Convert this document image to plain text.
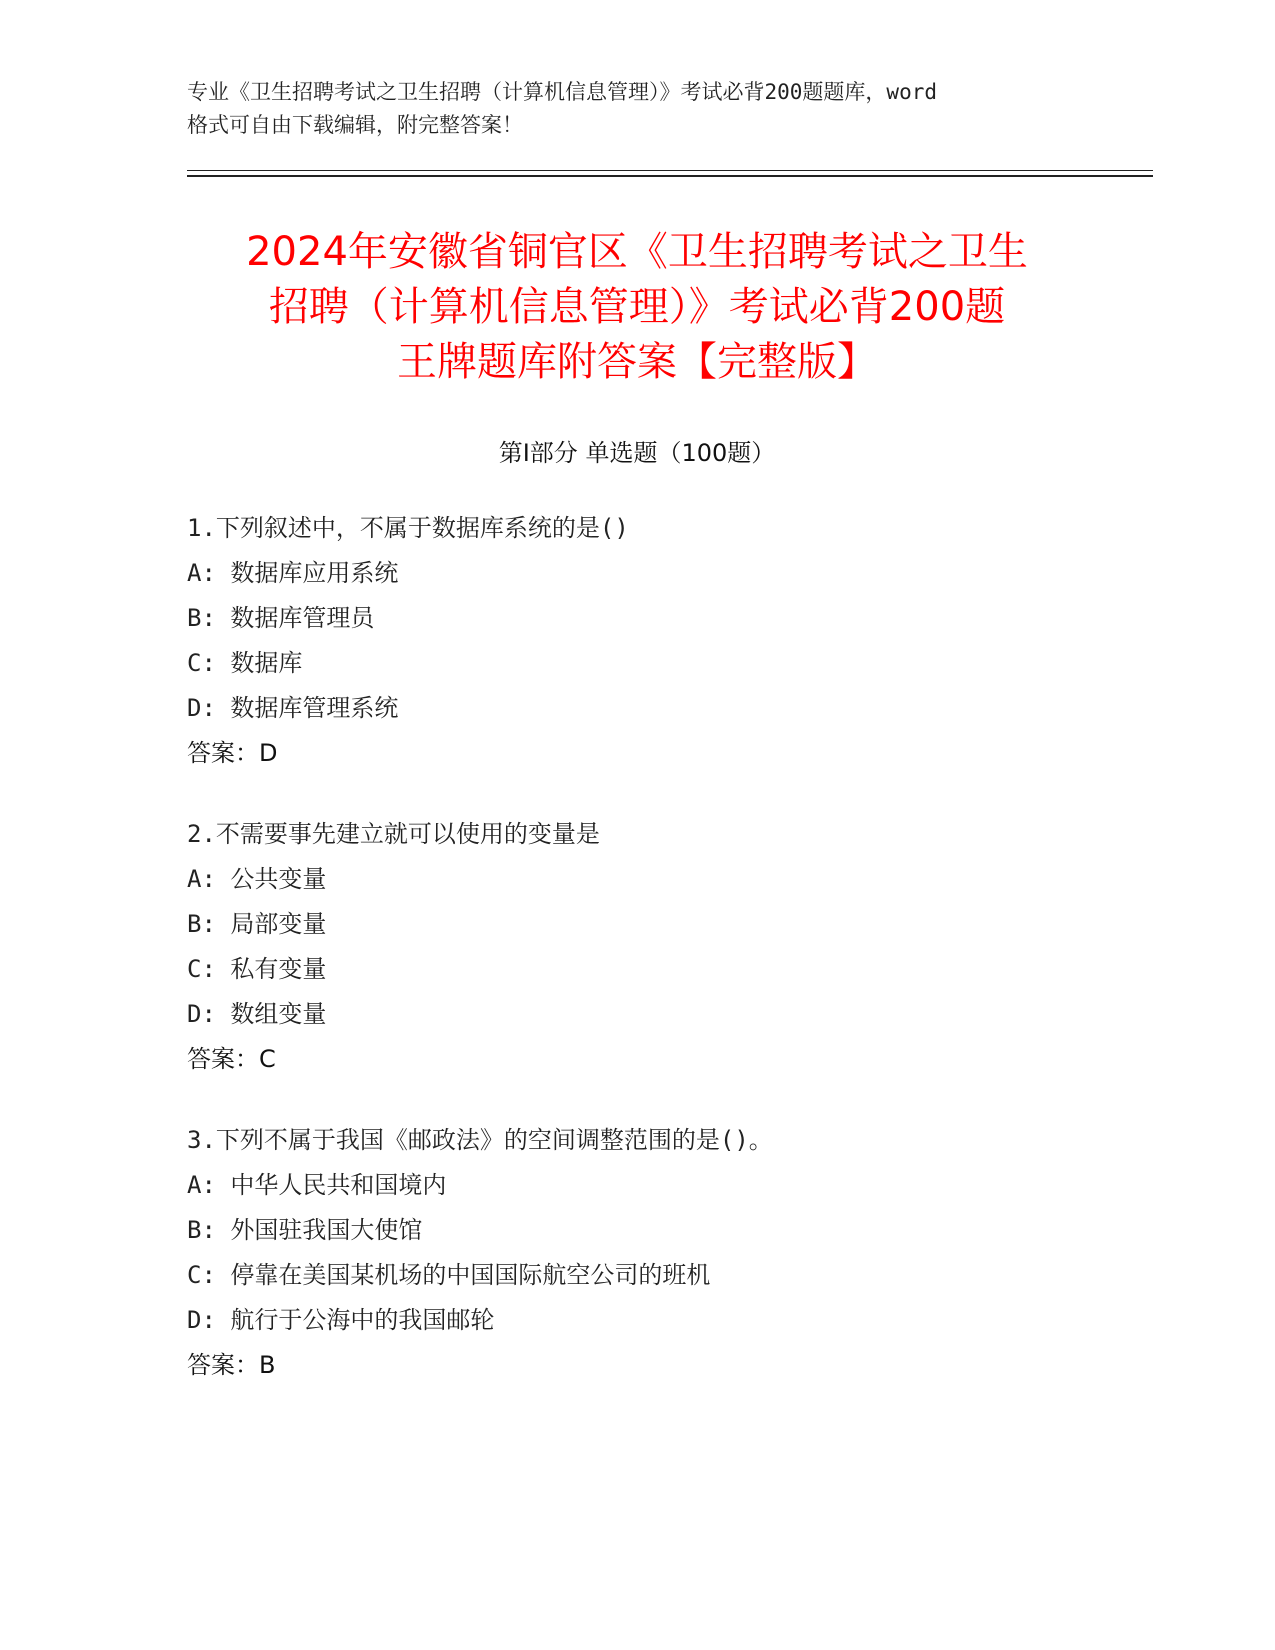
专业《卫生招聘考试之卫生招聘（计算机信息管理）》考试必背200题题库，word
格式可自由下载编辑，附完整答案！
2024年安徽省铜官区《卫生招聘考试之卫生
招聘（计算机信息管理）》考试必背200题
王牌题库附答案【完整版】
第Ⅰ部分 单选题（100题）
1.下列叙述中，不属于数据库系统的是()
A: 数据库应用系统
B: 数据库管理员
C: 数据库
D: 数据库管理系统
答案：D
2.不需要事先建立就可以使用的变量是
A: 公共变量
B: 局部变量
C: 私有变量
D: 数组变量
答案：C
3.下列不属于我国《邮政法》的空间调整范围的是()。
A: 中华人民共和国境内
B: 外国驻我国大使馆
C: 停靠在美国某机场的中国国际航空公司的班机
D: 航行于公海中的我国邮轮
答案：B
